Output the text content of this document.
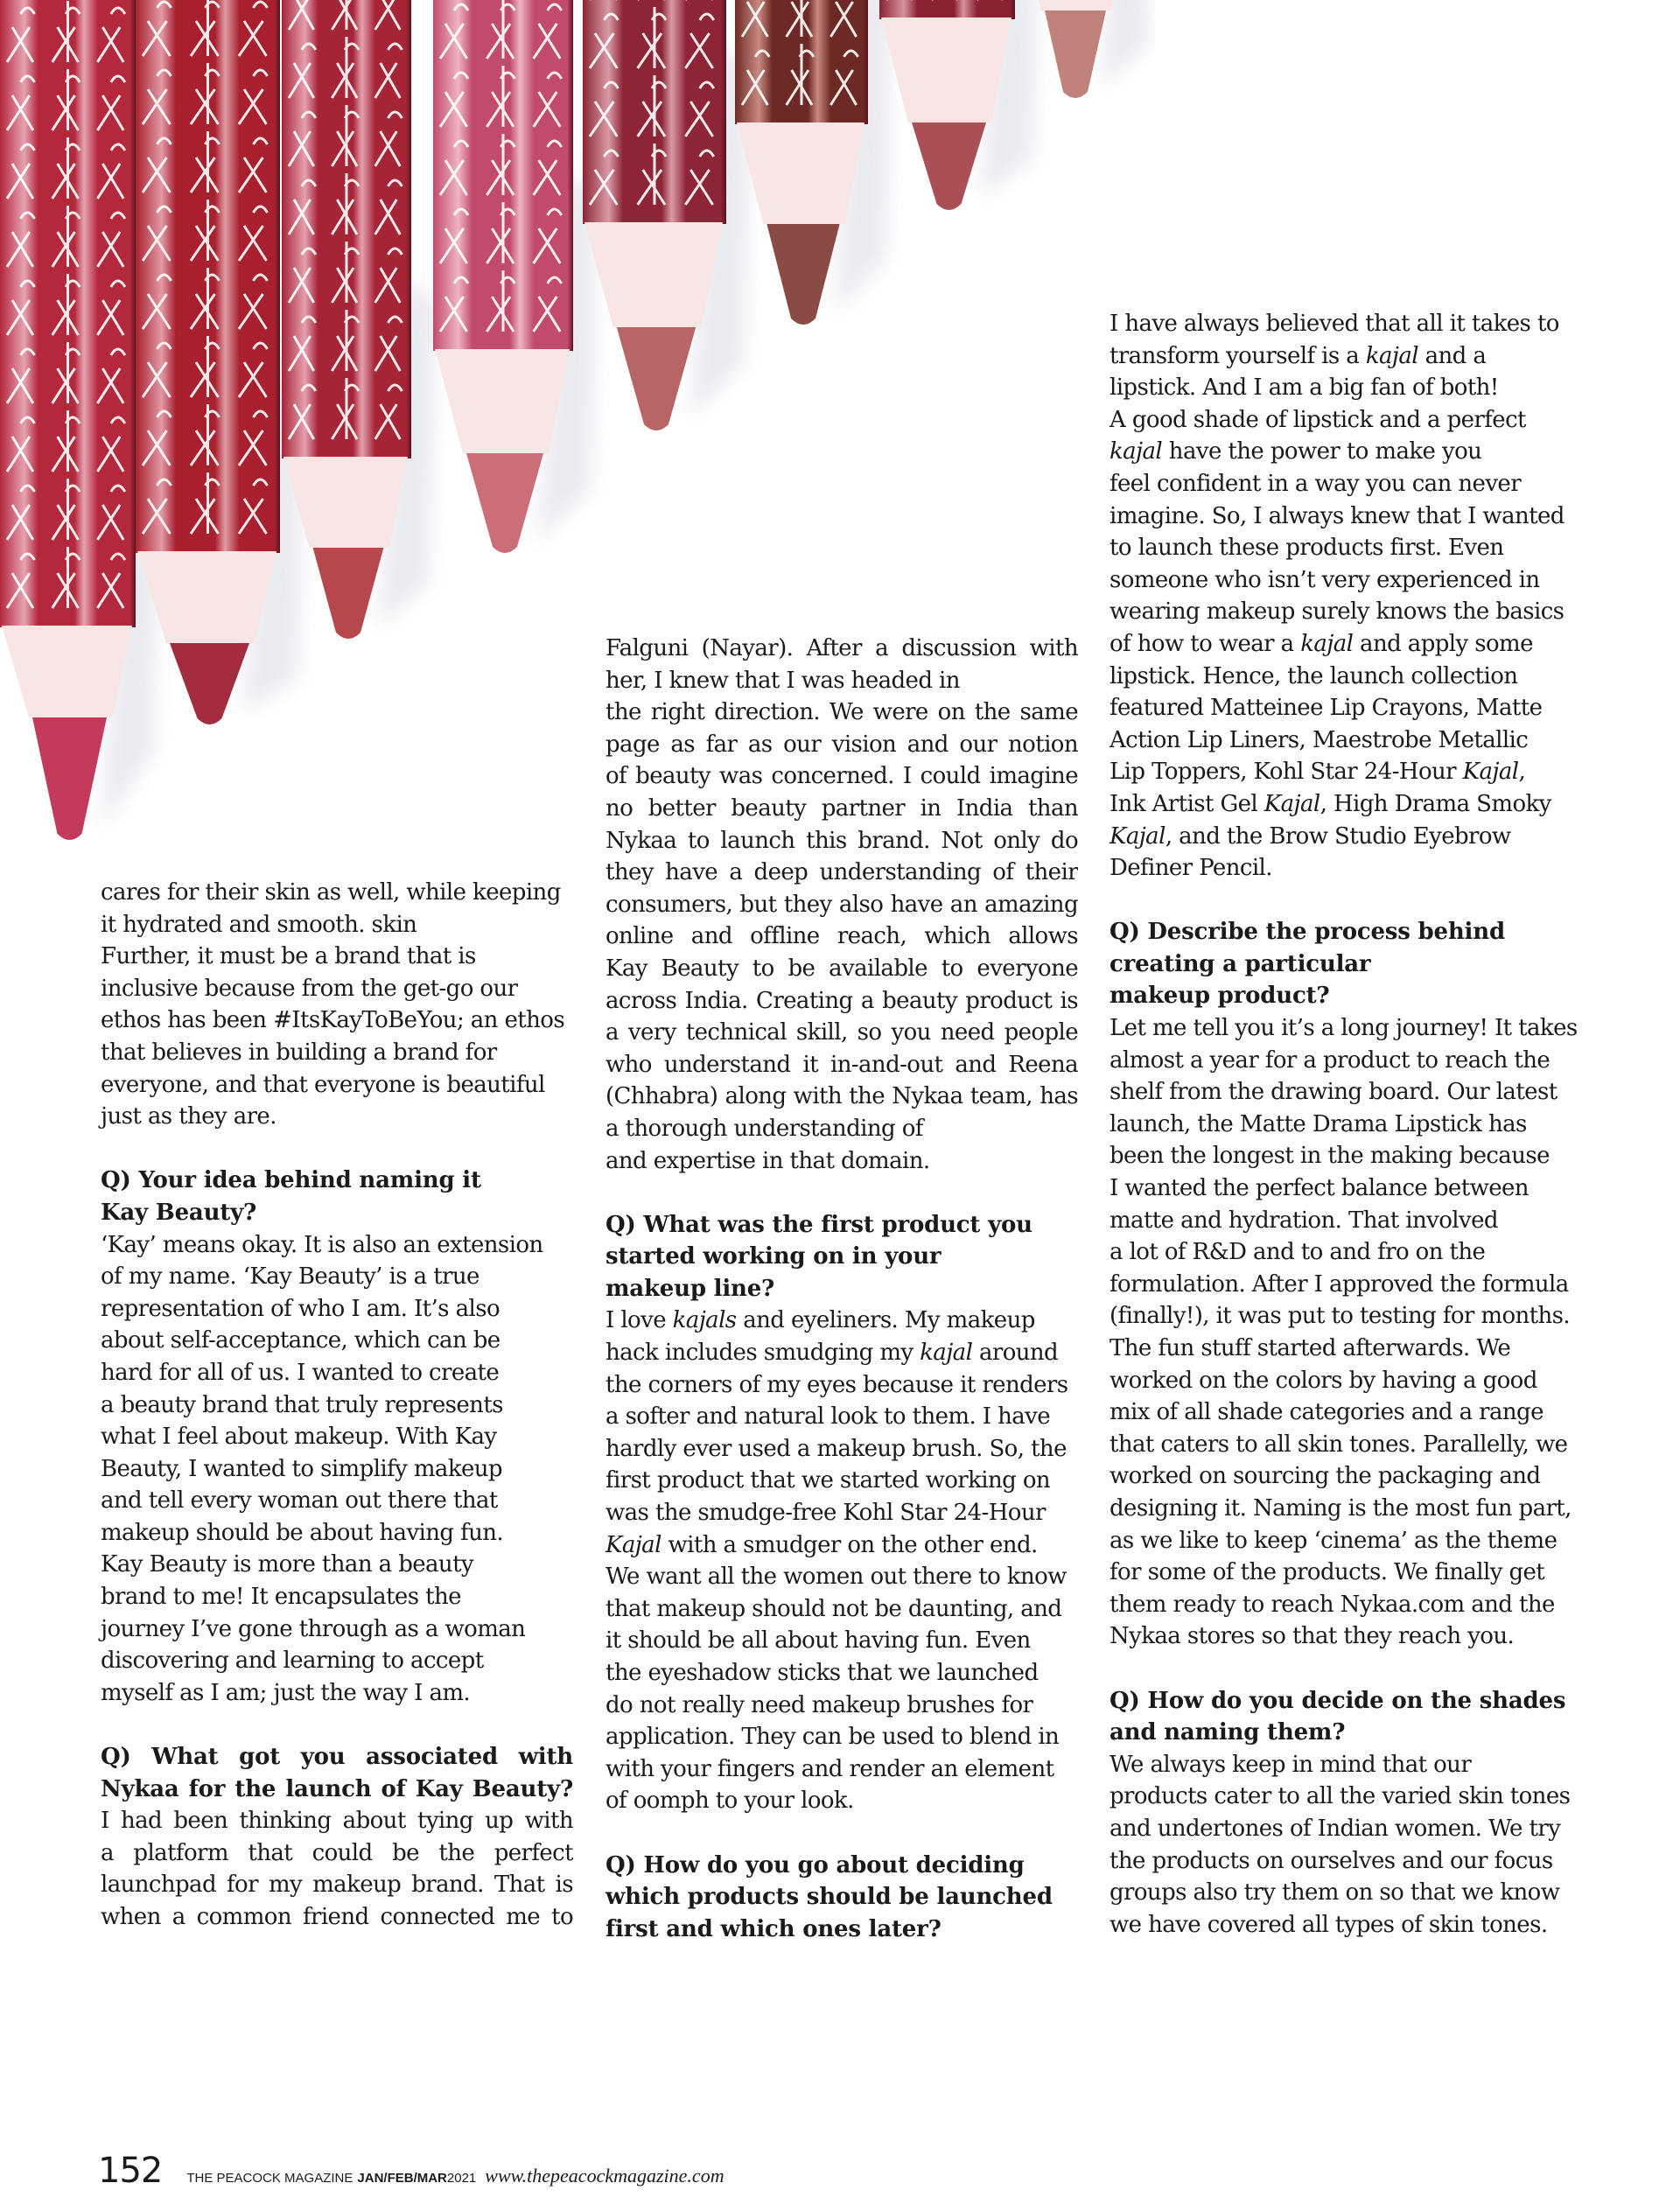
cares for their skin as well, while keeping
it hydrated and smooth. skin
Further, it must be a brand that is
inclusive because from the get-go our
ethos has been #ItsKayToBeYou; an ethos
that believes in building a brand for
everyone, and that everyone is beautiful
just as they are.
Q) Your idea behind naming it
Kay Beauty?
‘Kay’ means okay. It is also an extension
of my name. ‘Kay Beauty’ is a true
representation of who I am. It’s also
about self-acceptance, which can be
hard for all of us. I wanted to create
a beauty brand that truly represents
what I feel about makeup. With Kay
Beauty, I wanted to simplify makeup
and tell every woman out there that
makeup should be about having fun.
Kay Beauty is more than a beauty
brand to me! It encapsulates the
journey I’ve gone through as a woman
discovering and learning to accept
myself as I am; just the way I am.
Q) What got you associated with
Nykaa for the launch of Kay Beauty?
I had been thinking about tying up with
a platform that could be the perfect
launchpad for my makeup brand. That is
when a common friend connected me to
Falguni (Nayar). After a discussion with
her, I knew that I was headed in
the right direction. We were on the same
page as far as our vision and our notion
of beauty was concerned. I could imagine
no better beauty partner in India than
Nykaa to launch this brand. Not only do
they have a deep understanding of their
consumers, but they also have an amazing
online and offline reach, which allows
Kay Beauty to be available to everyone
across India. Creating a beauty product is
a very technical skill, so you need people
who understand it in-and-out and Reena
(Chhabra) along with the Nykaa team, has
a thorough understanding of
and expertise in that domain.
Q) What was the first product you
started working on in your
makeup line?
I love kajals and eyeliners. My makeup
hack includes smudging my kajal around
the corners of my eyes because it renders
a softer and natural look to them. I have
hardly ever used a makeup brush. So, the
first product that we started working on
was the smudge-free Kohl Star 24-Hour
Kajal with a smudger on the other end.
We want all the women out there to know
that makeup should not be daunting, and
it should be all about having fun. Even
the eyeshadow sticks that we launched
do not really need makeup brushes for
application. They can be used to blend in
with your fingers and render an element
of oomph to your look.
Q) How do you go about deciding
which products should be launched
first and which ones later?
I have always believed that all it takes to
transform yourself is a kajal and a
lipstick. And I am a big fan of both!
A good shade of lipstick and a perfect
kajal have the power to make you
feel confident in a way you can never
imagine. So, I always knew that I wanted
to launch these products first. Even
someone who isn’t very experienced in
wearing makeup surely knows the basics
of how to wear a kajal and apply some
lipstick. Hence, the launch collection
featured Matteinee Lip Crayons, Matte
Action Lip Liners, Maestrobe Metallic
Lip Toppers, Kohl Star 24-Hour Kajal,
Ink Artist Gel Kajal, High Drama Smoky
Kajal, and the Brow Studio Eyebrow
Definer Pencil.
Q) Describe the process behind
creating a particular
makeup product?
Let me tell you it’s a long journey! It takes
almost a year for a product to reach the
shelf from the drawing board. Our latest
launch, the Matte Drama Lipstick has
been the longest in the making because
I wanted the perfect balance between
matte and hydration. That involved
a lot of R&D and to and fro on the
formulation. After I approved the formula
(finally!), it was put to testing for months.
The fun stuff started afterwards. We
worked on the colors by having a good
mix of all shade categories and a range
that caters to all skin tones. Parallelly, we
worked on sourcing the packaging and
designing it. Naming is the most fun part,
as we like to keep ‘cinema’ as the theme
for some of the products. We finally get
them ready to reach Nykaa.com and the
Nykaa stores so that they reach you.
Q) How do you decide on the shades
and naming them?
We always keep in mind that our
products cater to all the varied skin tones
and undertones of Indian women. We try
the products on ourselves and our focus
groups also try them on so that we know
we have covered all types of skin tones.
152 THE PEACOCK MAGAZINE JAN/FEB/MAR 2021 www.thepeacockmagazine.com
